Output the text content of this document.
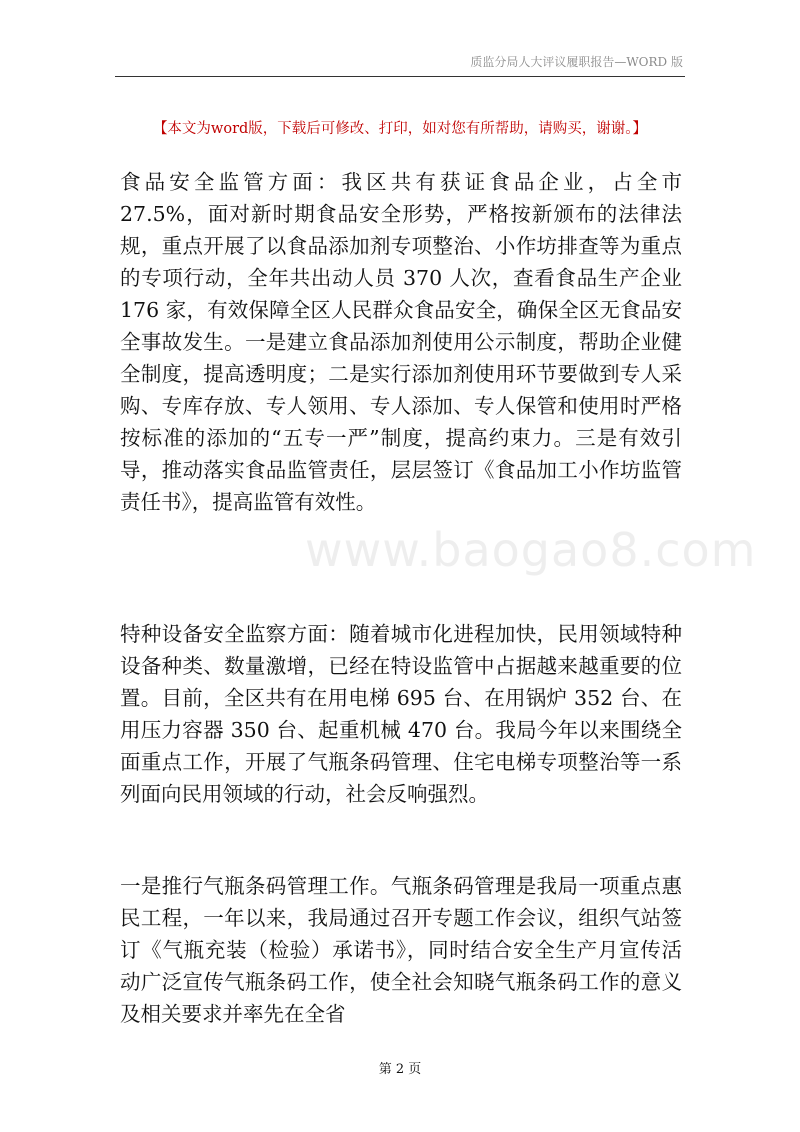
质监分局人大评议履职报告—WORD 版
【本文为word版，下载后可修改、打印，如对您有所帮助，请购买，谢谢。】

食品安全监管方面：我区共有获证食品企业，占全市 27.5%，面对新时期食品安全形势，严格按新颁布的法律法规，重点开展了以食品添加剂专项整治、小作坊排查等为重点的专项行动，全年共出动人员 370 人次，查看食品生产企业 176 家，有效保障全区人民群众食品安全，确保全区无食品安全事故发生。一是建立食品添加剂使用公示制度，帮助企业健全制度，提高透明度；二是实行添加剂使用环节要做到专人采购、专库存放、专人领用、专人添加、专人保管和使用时严格按标准的添加的“五专一严”制度，提高约束力。三是有效引导，推动落实食品监管责任，层层签订《食品加工小作坊监管责任书》，提高监管有效性。

特种设备安全监察方面：随着城市化进程加快，民用领域特种设备种类、数量激增，已经在特设监管中占据越来越重要的位置。目前，全区共有在用电梯 695 台、在用锅炉 352 台、在用压力容器 350 台、起重机械 470 台。我局今年以来围绕全面重点工作，开展了气瓶条码管理、住宅电梯专项整治等一系列面向民用领域的行动，社会反响强烈。

一是推行气瓶条码管理工作。气瓶条码管理是我局一项重点惠民工程，一年以来，我局通过召开专题工作会议，组织气站签订《气瓶充装（检验）承诺书》，同时结合安全生产月宣传活动广泛宣传气瓶条码工作，使全社会知晓气瓶条码工作的意义及相关要求并率先在全省

www.baogao8.com
第 2 页
